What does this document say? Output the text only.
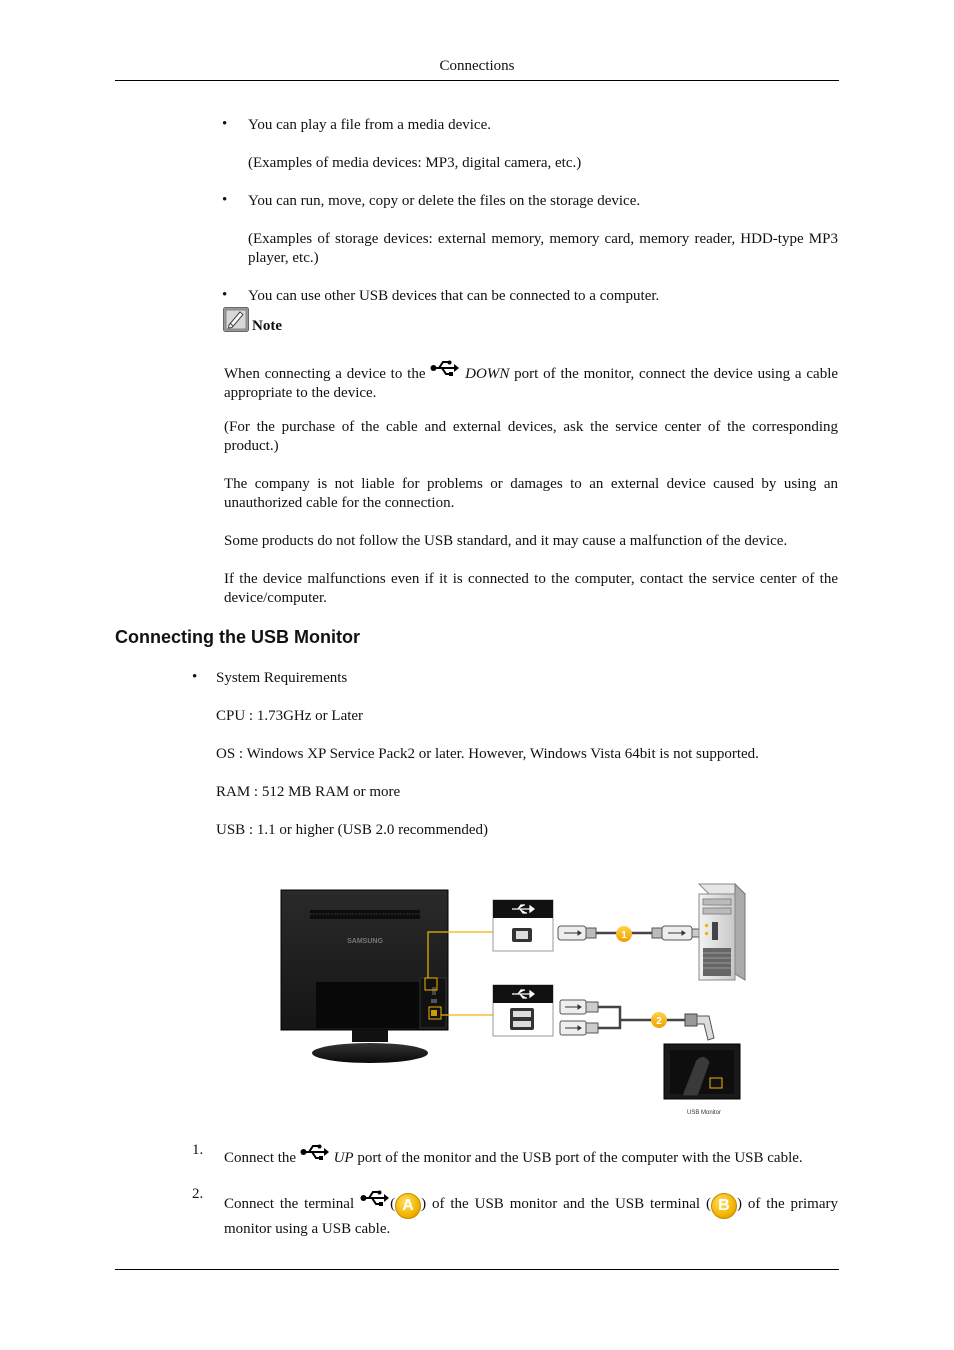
Connections
• You can play a file from a media device.
(Examples of media devices: MP3, digital camera, etc.)
• You can run, move, copy or delete the files on the storage device.
(Examples of storage devices: external memory, memory card, memory reader, HDD-type MP3 player, etc.)
• You can use other USB devices that can be connected to a computer.
Note
When connecting a device to the	DOWN port of the monitor, connect the device using a cable appropriate to the device.
(For the purchase of the cable and external devices, ask the service center of the corresponding product.)
The company is not liable for problems or damages to an external device caused by using an unauthorized cable for the connection.
Some products do not follow the USB standard, and it may cause a malfunction of the device.
If the device malfunctions even if it is connected to the computer, contact the service center of the device/computer.
Connecting the USB Monitor
• System Requirements
CPU : 1.73GHz or Later
OS : Windows XP Service Pack2 or later. However, Windows Vista 64bit is not supported.
RAM : 512 MB RAM or more
USB : 1.1 or higher (USB 2.0 recommended)
SAMSUNG
1
2
USB Monitor
1. Connect the	UP port of the monitor and the USB port of the computer with the USB cable.
2.
Connect the terminal ( A ) of the USB monitor and the USB terminal ( B ) of the primary monitor using a USB cable.
